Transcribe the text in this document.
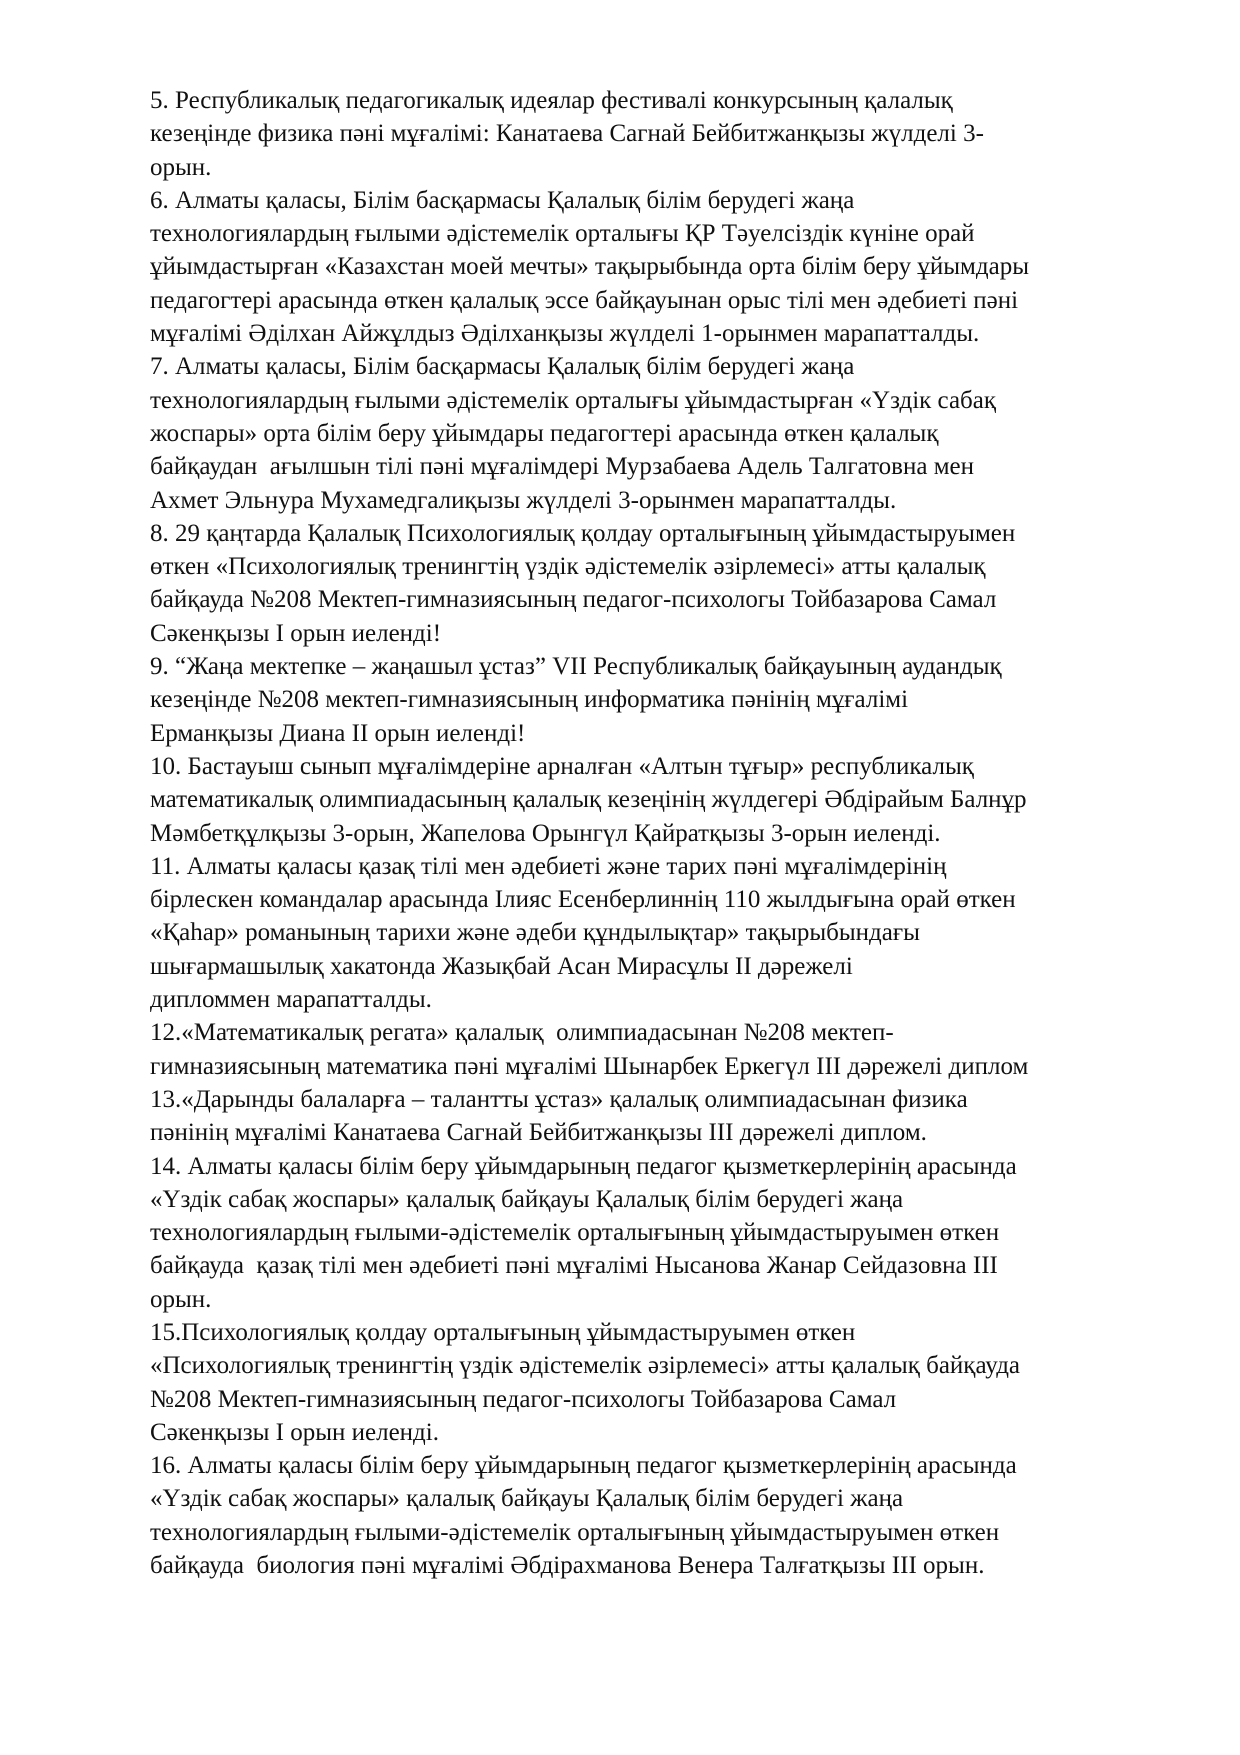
5. Республикалық педагогикалық идеялар фестивалі конкурсының қалалық
кезеңінде физика пәні мұғалімі: Канатаева Сагнай Бейбитжанқызы жүлделі 3-
орын.
6. Алматы қаласы, Білім басқармасы Қалалық білім берудегі жаңа
технологиялардың ғылыми әдістемелік орталығы ҚР Тәуелсіздік күніне орай
ұйымдастырған «Казахстан моей мечты» тақырыбында орта білім беру ұйымдары
педагогтері арасында өткен қалалық эссе байқауынан орыс тілі мен әдебиеті пәні
мұғалімі Әділхан Айжұлдыз Әділханқызы жүлделі 1-орынмен марапатталды.
7. Алматы қаласы, Білім басқармасы Қалалық білім берудегі жаңа
технологиялардың ғылыми әдістемелік орталығы ұйымдастырған «Үздік сабақ
жоспары» орта білім беру ұйымдары педагогтері арасында өткен қалалық
байқаудан  ағылшын тілі пәні мұғалімдері Мурзабаева Адель Талгатовна мен
Ахмет Эльнура Мухамедгалиқызы жүлделі 3-орынмен марапатталды.
8. 29 қаңтарда Қалалық Психологиялық қолдау орталығының ұйымдастыруымен
өткен «Психологиялық тренингтің үздік әдістемелік әзірлемесі» атты қалалық
байқауда №208 Мектеп-гимназиясының педагог-психологы Тойбазарова Самал
Сәкенқызы І орын иеленді!
9. “Жаңа мектепке – жаңашыл ұстаз” VII Республикалық байқауының аудандық
кезеңінде №208 мектеп-гимназиясының информатика пәнінің мұғалімі
Ерманқызы Диана ІІ орын иеленді!
10. Бастауыш сынып мұғалімдеріне арналған «Алтын тұғыр» республикалық
математикалық олимпиадасының қалалық кезеңінің жүлдегері Әбдірайым Балнұр
Мәмбетқұлқызы 3-орын, Жапелова Орынгүл Қайратқызы 3-орын иеленді.
11. Алматы қаласы қазақ тілі мен әдебиеті және тарих пәні мұғалімдерінің
бірлескен командалар арасында Ілияс Есенберлиннің 110 жылдығына орай өткен
«Қаһар» романының тарихи және әдеби құндылықтар» тақырыбындағы
шығармашылық хакатонда Жазықбай Асан Мирасұлы ІІ дәрежелі
дипломмен марапатталды.
12.«Математикалық регата» қалалық  олимпиадасынан №208 мектеп-
гимназиясының математика пәні мұғалімі Шынарбек Еркегүл ІІІ дәрежелі диплом
13.«Дарынды балаларға – талантты ұстаз» қалалық олимпиадасынан физика
пәнінің мұғалімі Канатаева Сагнай Бейбитжанқызы ІІІ дәрежелі диплом.
14. Алматы қаласы білім беру ұйымдарының педагог қызметкерлерінің арасында
«Үздік сабақ жоспары» қалалық байқауы Қалалық білім берудегі жаңа
технологиялардың ғылыми-әдістемелік орталығының ұйымдастыруымен өткен
байқауда  қазақ тілі мен әдебиеті пәні мұғалімі Нысанова Жанар Сейдазовна ІІІ
орын.
15.Психологиялық қолдау орталығының ұйымдастыруымен өткен
«Психологиялық тренингтің үздік әдістемелік әзірлемесі» атты қалалық байқауда
№208 Мектеп-гимназиясының педагог-психологы Тойбазарова Самал
Сәкенқызы І орын иеленді.
16. Алматы қаласы білім беру ұйымдарының педагог қызметкерлерінің арасында
«Үздік сабақ жоспары» қалалық байқауы Қалалық білім берудегі жаңа
технологиялардың ғылыми-әдістемелік орталығының ұйымдастыруымен өткен
байқауда  биология пәні мұғалімі Әбдірахманова Венера Талғатқызы ІІІ орын.
